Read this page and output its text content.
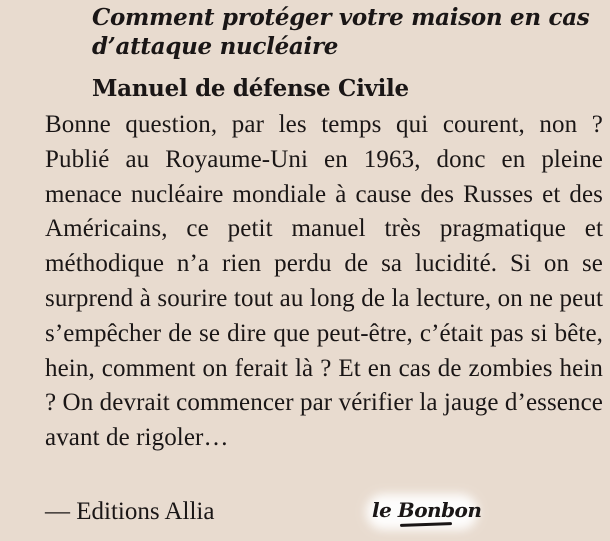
Comment protéger votre maison en cas d’attaque nucléaire
Manuel de défense Civile
Bonne question, par les temps qui courent, non ? Publié au Royaume-Uni en 1963, donc en pleine menace nucléaire mondiale à cause des Russes et des Américains, ce petit manuel très pragmatique et méthodique n’a rien perdu de sa lucidité. Si on se surprend à sourire tout au long de la lecture, on ne peut s’empêcher de se dire que peut-être, c’était pas si bête, hein, comment on ferait là ? Et en cas de zombies hein ? On devrait commencer par vérifier la jauge d’essence avant de rigoler…
— Editions Allia	le Bonbon
